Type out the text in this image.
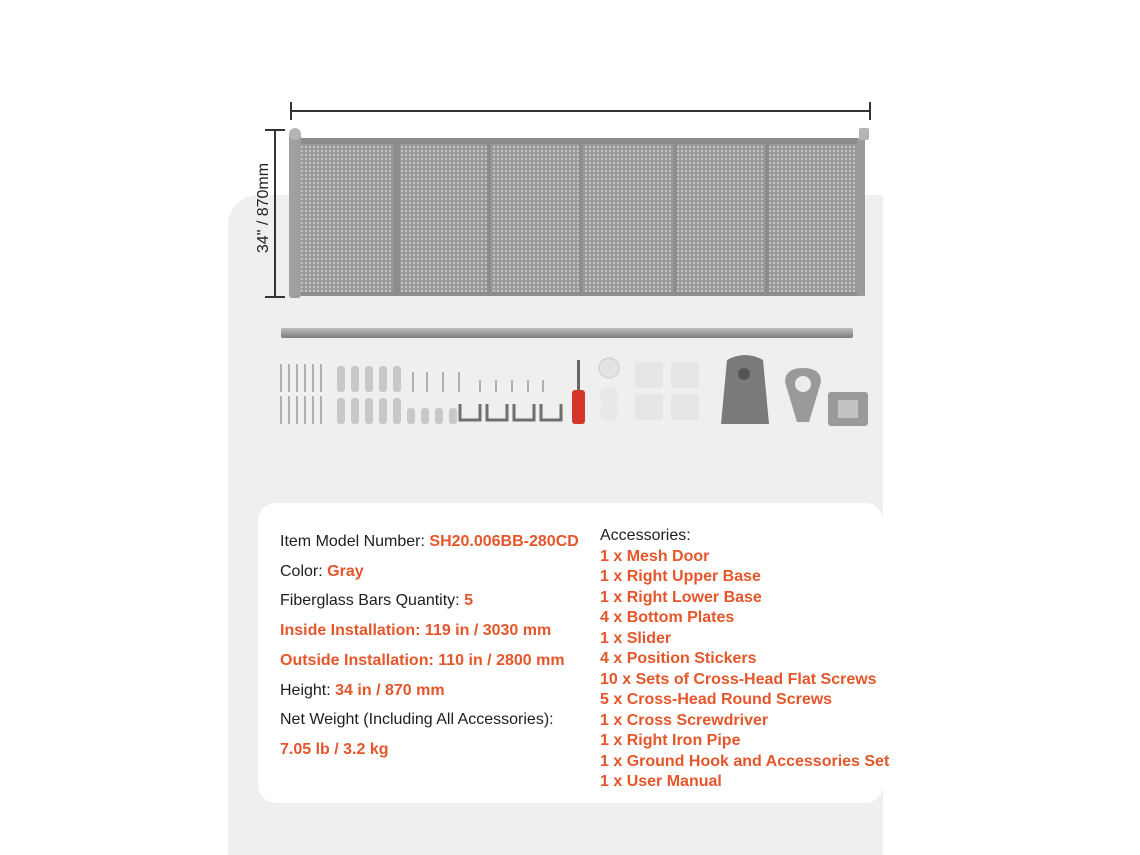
34" / 870mm
Item Model Number: SH20.006BB-280CD
Color: Gray
Fiberglass Bars Quantity: 5
Inside Installation: 119 in / 3030 mm
Outside Installation: 110 in / 2800 mm
Height: 34 in / 870 mm
Net Weight (Including All Accessories):
7.05 lb / 3.2 kg
Accessories:
1 x Mesh Door
1 x Right Upper Base
1 x Right Lower Base
4 x Bottom Plates
1 x Slider
4 x Position Stickers
10 x Sets of Cross-Head Flat Screws
5 x Cross-Head Round Screws
1 x Cross Screwdriver
1 x Right Iron Pipe
1 x Ground Hook and Accessories Set
1 x User Manual
